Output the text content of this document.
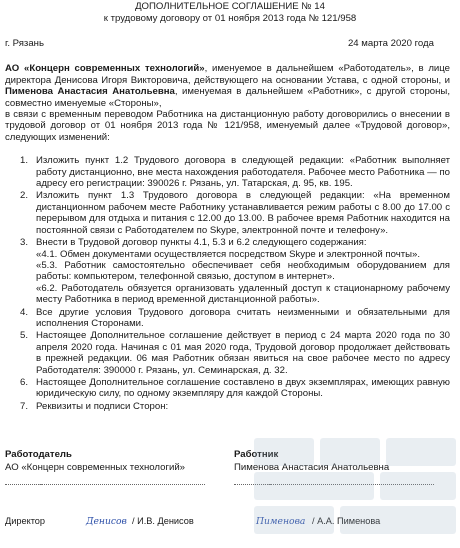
ДОПОЛНИТЕЛЬНОЕ СОГЛАШЕНИЕ № 14
к трудовому договору от 01 ноября 2013 года № 121/958
г. Рязань	24 марта 2020 года

АО «Концерн современных технологий», именуемое в дальнейшем «Работодатель», в лице директора Денисова Игоря Викторовича, действующего на основании Устава, с одной стороны, и Пименова Анастасия Анатольевна, именуемая в дальнейшем «Работник», с другой стороны, совместно именуемые «Стороны»,

в связи с временным переводом Работника на дистанционную работу договорились о внесении в трудовой договор от 01 ноября 2013 года № 121/958, именуемый далее «Трудовой договор», следующих изменений:

1. Изложить пункт 1.2 Трудового договора в следующей редакции: «Работник выполняет работу дистанционно, вне места нахождения работодателя. Рабочее место Работника — по адресу его регистрации: 390026 г. Рязань, ул. Татарская, д. 95, кв. 195.
2. Изложить пункт 1.3 Трудового договора в следующей редакции: «На временном дистанционном рабочем месте Работнику устанавливается режим работы с 8.00 до 17.00 с перерывом для отдыха и питания с 12.00 до 13.00. В рабочее время Работник находится на постоянной связи с Работодателем по Skype, электронной почте и телефону».
3. Внести в Трудовой договор пункты 4.1, 5.3 и 6.2 следующего содержания:
«4.1. Обмен документами осуществляется посредством Skype и электронной почты».
«5.3. Работник самостоятельно обеспечивает себя необходимым оборудованием для работы: компьютером, телефонной связью, доступом в интернет».
«6.2. Работодатель обязуется организовать удаленный доступ к стационарному рабочему месту Работника в период временной дистанционной работы».
4. Все другие условия Трудового договора считать неизменными и обязательными для исполнения Сторонами.
5. Настоящее Дополнительное соглашение действует в период с 24 марта 2020 года по 30 апреля 2020 года. Начиная с 01 мая 2020 года, Трудовой договор продолжает действовать в прежней редакции. 06 мая Работник обязан явиться на свое рабочее место по адресу Работодателя: 390000 г. Рязань, ул. Семинарская, д. 32.
6. Настоящее Дополнительное соглашение составлено в двух экземплярах, имеющих равную юридическую силу, по одному экземпляру для каждой Стороны.
7. Реквизиты и подписи Сторон:
Работодатель
АО «Концерн современных технологий»
...
Работник
Пименова Анастасия Анатольевна
...
Директор	Денисов / И.В. Денисов	Пименова / А.А. Пименова
